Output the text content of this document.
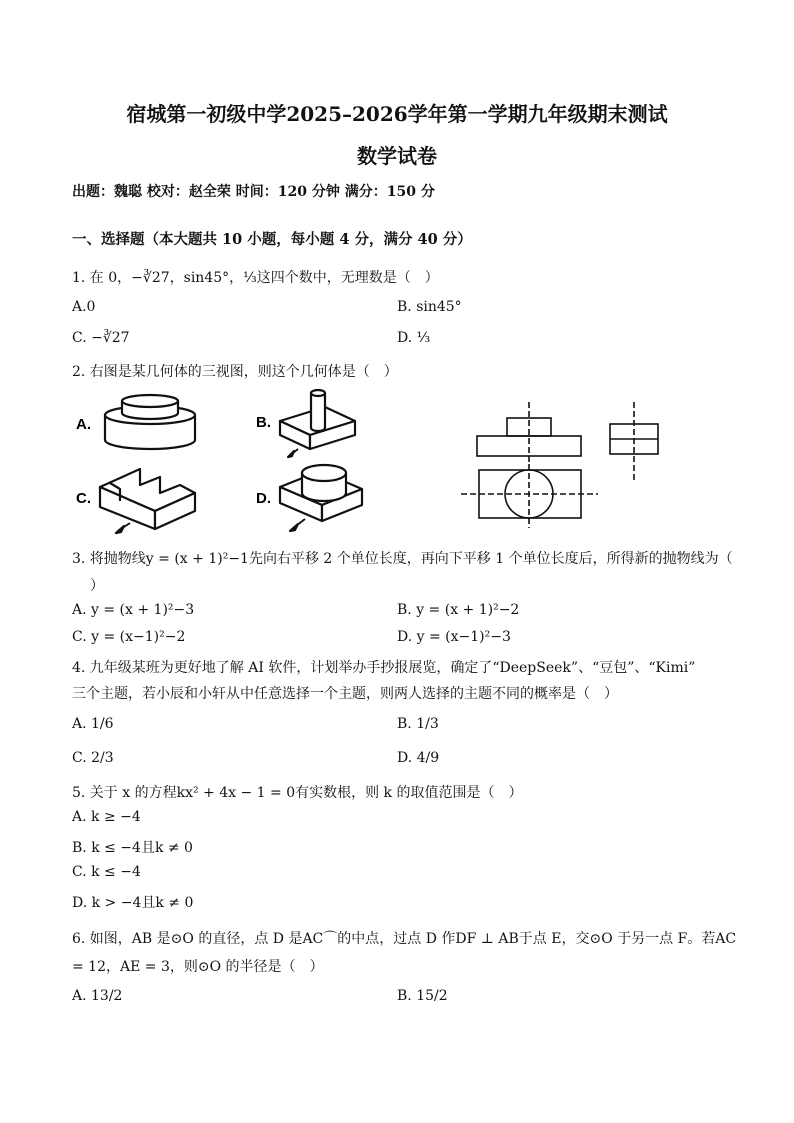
宿城第一初级中学2025–2026学年第一学期九年级期末测试
数学试卷
出题：魏聪 校对：赵全荣 时间：120 分钟 满分：150 分
一、选择题（本大题共 10 小题，每小题 4 分，满分 40 分）
1. 在 0，−∛27，sin45°，⅓这四个数中，无理数是（　）
A.0	B. sin45°
C. −∛27	D. ⅓
2. 右图是某几何体的三视图，则这个几何体是（　）
A.	B.
C.	D.
3. 将抛物线y = (x + 1)²−1先向右平移 2 个单位长度，再向下平移 1 个单位长度后，所得新的抛物线为（
）
A. y = (x + 1)²−3	B. y = (x + 1)²−2
C. y = (x−1)²−2	D. y = (x−1)²−3
4. 九年级某班为更好地了解 AI 软件，计划举办手抄报展览，确定了“DeepSeek”、“豆包”、“Kimi”
三个主题，若小辰和小轩从中任意选择一个主题，则两人选择的主题不同的概率是（　）
A. 1/6	B. 1/3
C. 2/3	D. 4/9
5. 关于 x 的方程kx² + 4x − 1 = 0有实数根，则 k 的取值范围是（　）
A. k ≥ −4
B. k ≤ −4且k ≠ 0
C. k ≤ −4
D. k > −4且k ≠ 0
6. 如图，AB 是⊙O 的直径，点 D 是AC⌒的中点，过点 D 作DF ⊥ AB于点 E，交⊙O 于另一点 F。若AC
= 12，AE = 3，则⊙O 的半径是（　）
A. 13/2	B. 15/2
